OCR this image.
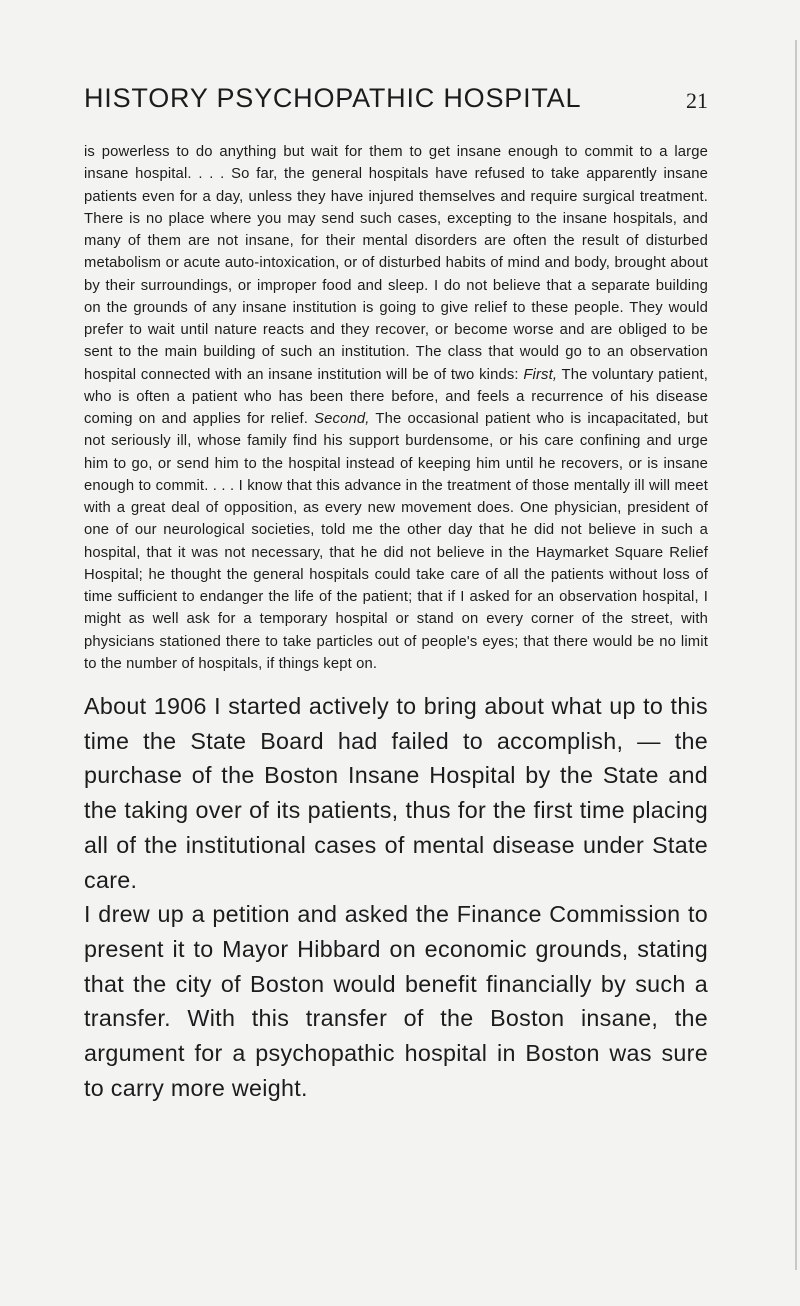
HISTORY PSYCHOPATHIC HOSPITAL	21

is powerless to do anything but wait for them to get insane enough to commit to a large insane hospital. . . . So far, the general hospitals have refused to take apparently insane patients even for a day, unless they have injured themselves and require surgical treatment. There is no place where you may send such cases, excepting to the insane hospitals, and many of them are not insane, for their mental disorders are often the result of disturbed metabolism or acute auto-intoxication, or of disturbed habits of mind and body, brought about by their surroundings, or improper food and sleep. I do not believe that a separate building on the grounds of any insane institution is going to give relief to these people. They would prefer to wait until nature reacts and they recover, or become worse and are obliged to be sent to the main building of such an institution. The class that would go to an observation hospital connected with an insane institution will be of two kinds: First, The voluntary patient, who is often a patient who has been there before, and feels a recurrence of his disease coming on and applies for relief. Second, The occasional patient who is incapacitated, but not seriously ill, whose family find his support burdensome, or his care confining and urge him to go, or send him to the hospital instead of keeping him until he recovers, or is insane enough to commit. . . . I know that this advance in the treatment of those mentally ill will meet with a great deal of opposition, as every new movement does. One physician, president of one of our neurological societies, told me the other day that he did not believe in such a hospital, that it was not necessary, that he did not believe in the Haymarket Square Relief Hospital; he thought the general hospitals could take care of all the patients without loss of time sufficient to endanger the life of the patient; that if I asked for an observation hospital, I might as well ask for a temporary hospital or stand on every corner of the street, with physicians stationed there to take particles out of people's eyes; that there would be no limit to the number of hospitals, if things kept on.

About 1906 I started actively to bring about what up to this time the State Board had failed to accomplish, — the purchase of the Boston Insane Hospital by the State and the taking over of its patients, thus for the first time placing all of the institutional cases of mental disease under State care.

I drew up a petition and asked the Finance Commission to present it to Mayor Hibbard on economic grounds, stating that the city of Boston would benefit financially by such a transfer. With this transfer of the Boston insane, the argument for a psychopathic hospital in Boston was sure to carry more weight.
